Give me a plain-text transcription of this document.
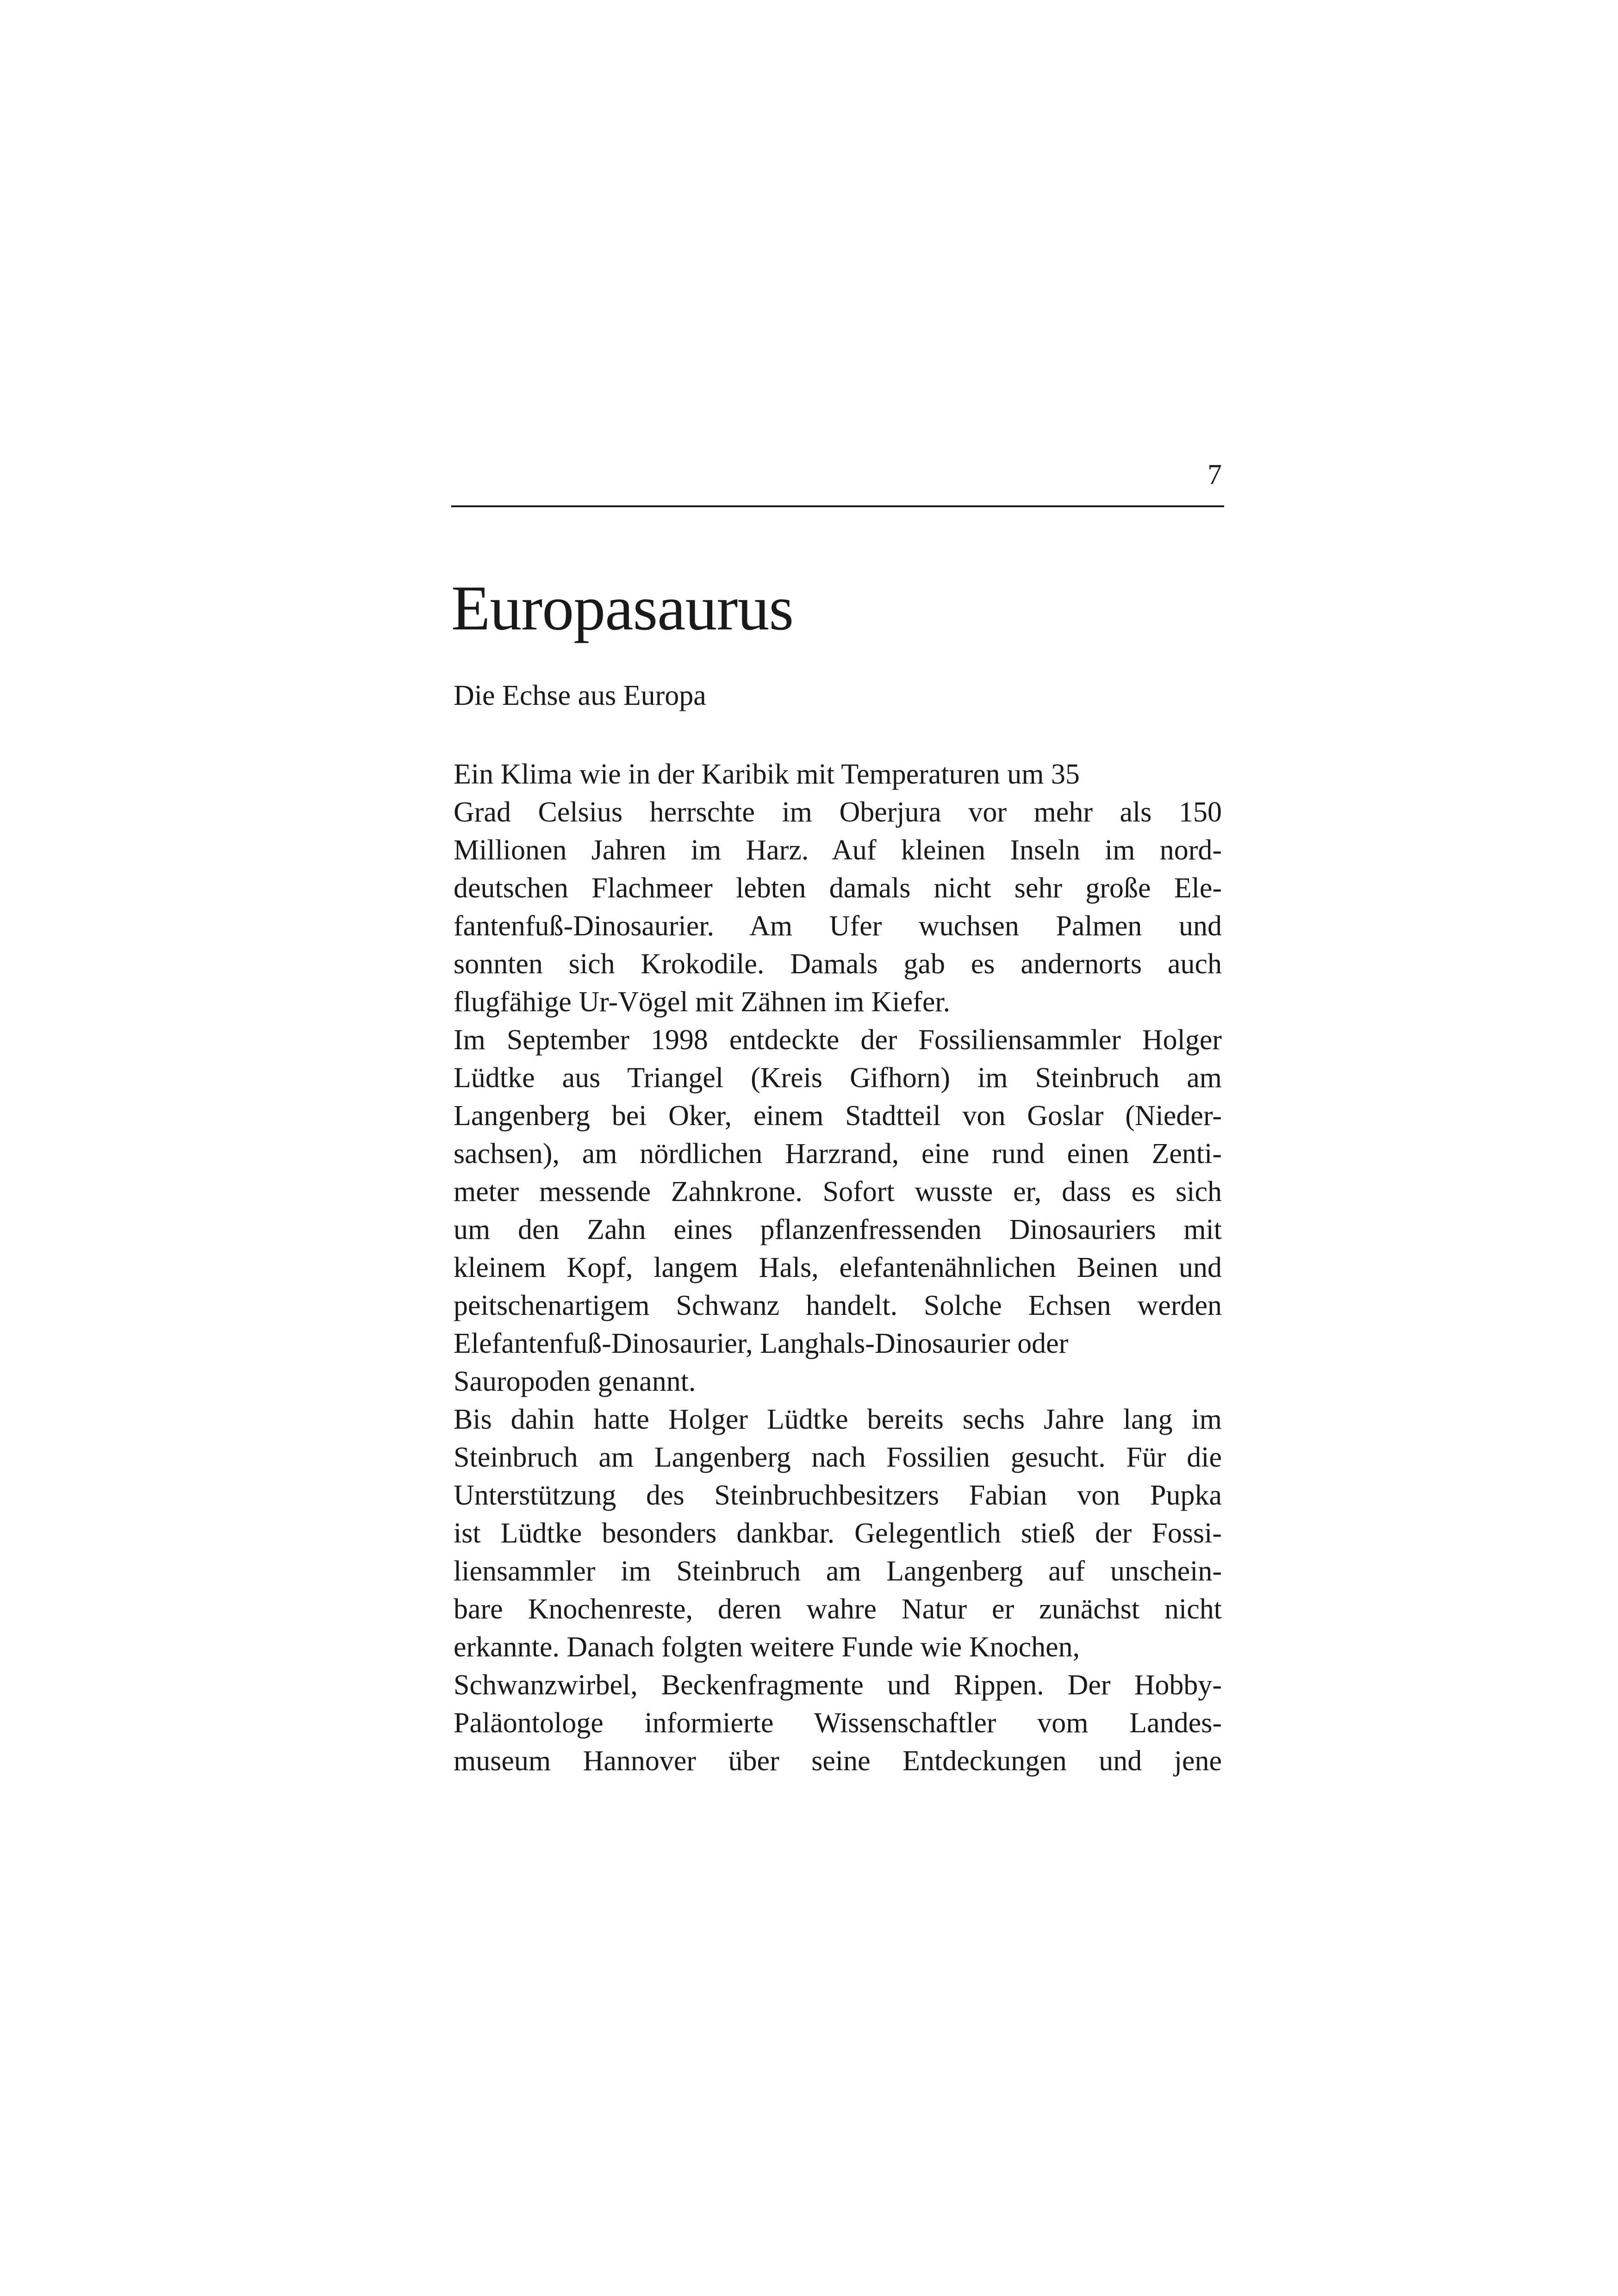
7
Europasaurus

Die Echse aus Europa

Ein Klima wie in der Karibik mit Temperaturen um 35
Grad Celsius herrschte im Oberjura vor mehr als 150
Millionen Jahren im Harz. Auf kleinen Inseln im nord-
deutschen Flachmeer lebten damals nicht sehr große Ele-
fantenfuß-Dinosaurier. Am Ufer wuchsen Palmen und
sonnten sich Krokodile. Damals gab es andernorts auch
flugfähige Ur-Vögel mit Zähnen im Kiefer.
Im September 1998 entdeckte der Fossiliensammler Holger
Lüdtke aus Triangel (Kreis Gifhorn) im Steinbruch am
Langenberg bei Oker, einem Stadtteil von Goslar (Nieder-
sachsen), am nördlichen Harzrand, eine rund einen Zenti-
meter messende Zahnkrone. Sofort wusste er, dass es sich
um den Zahn eines pflanzenfressenden Dinosauriers mit
kleinem Kopf, langem Hals, elefantenähnlichen Beinen und
peitschenartigem Schwanz handelt. Solche Echsen werden
Elefantenfuß-Dinosaurier, Langhals-Dinosaurier oder
Sauropoden genannt.
Bis dahin hatte Holger Lüdtke bereits sechs Jahre lang im
Steinbruch am Langenberg nach Fossilien gesucht. Für die
Unterstützung des Steinbruchbesitzers Fabian von Pupka
ist Lüdtke besonders dankbar. Gelegentlich stieß der Fossi-
liensammler im Steinbruch am Langenberg auf unschein-
bare Knochenreste, deren wahre Natur er zunächst nicht
erkannte. Danach folgten weitere Funde wie Knochen,
Schwanzwirbel, Beckenfragmente und Rippen. Der Hobby-
Paläontologe informierte Wissenschaftler vom Landes-
museum Hannover über seine Entdeckungen und jene
